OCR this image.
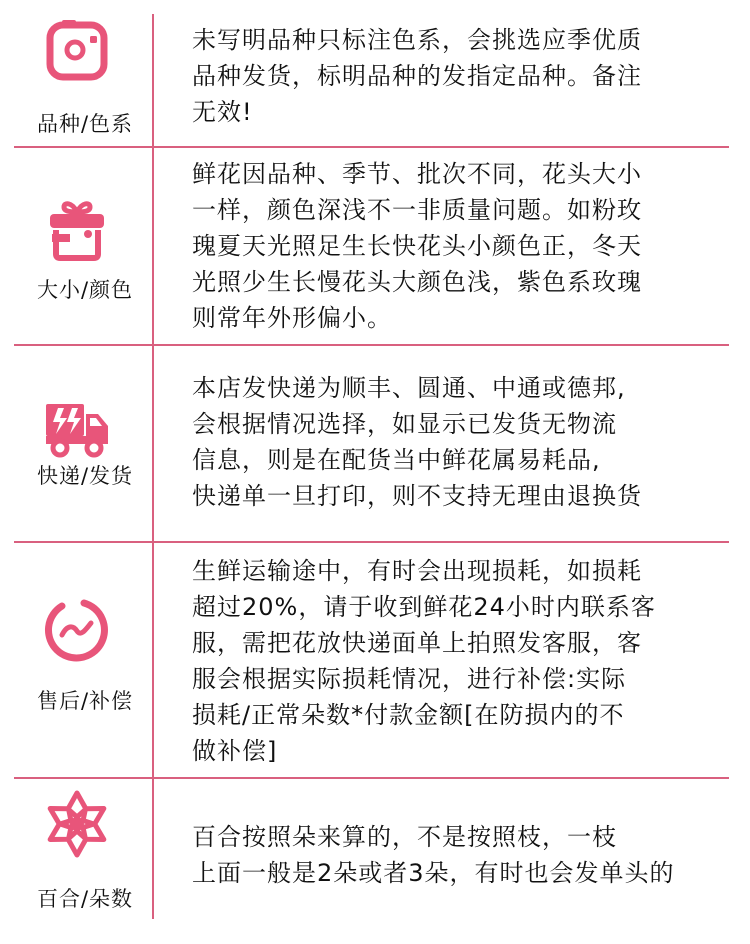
品种/色系
未写明品种只标注色系，会挑选应季优质
品种发货，标明品种的发指定品种。备注
无效!
大小/颜色
鲜花因品种、季节、批次不同，花头大小
一样，颜色深浅不一非质量问题。如粉玫
瑰夏天光照足生长快花头小颜色正，冬天
光照少生长慢花头大颜色浅，紫色系玫瑰
则常年外形偏小。
快递/发货
本店发快递为顺丰、圆通、中通或德邦,
会根据情况选择，如显示已发货无物流
信息，则是在配货当中鲜花属易耗品,
快递单一旦打印，则不支持无理由退换货
售后/补偿
生鲜运输途中，有时会出现损耗，如损耗
超过20%，请于收到鲜花24小时内联系客
服，需把花放快递面单上拍照发客服，客
服会根据实际损耗情况，进行补偿:实际
损耗/正常朵数*付款金额[在防损内的不
做补偿]
百合/朵数
百合按照朵来算的，不是按照枝，一枝
上面一般是2朵或者3朵，有时也会发单头的
